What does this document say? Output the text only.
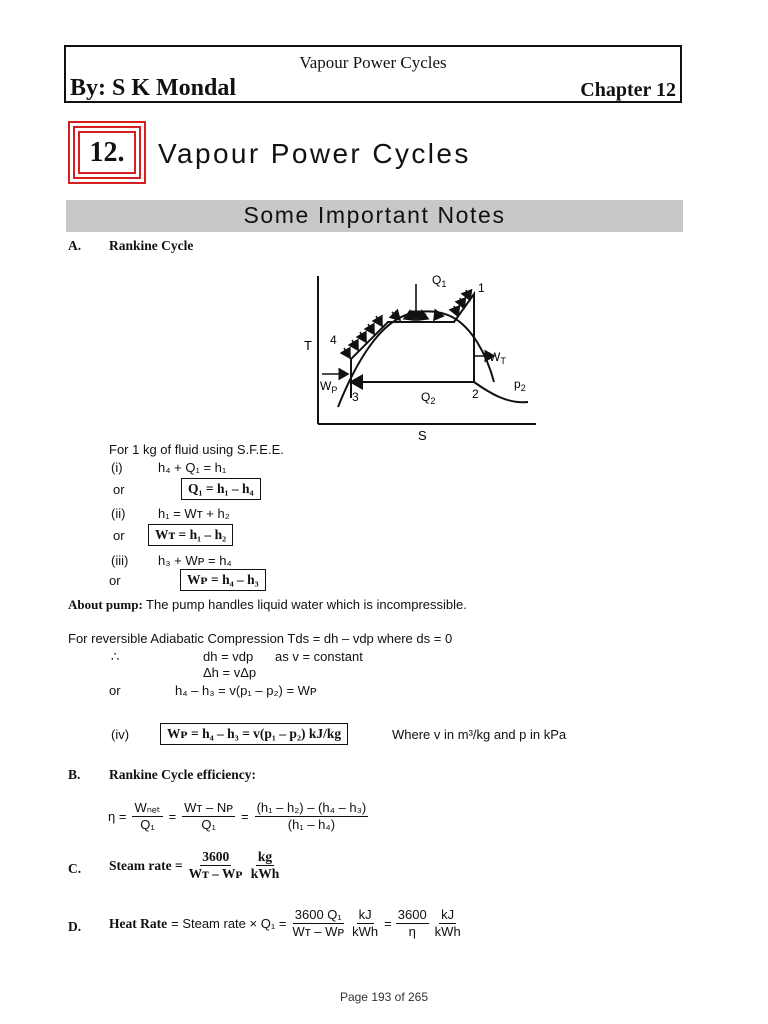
Vapour Power Cycles
By: S K Mondal	Chapter 12
12.	Vapour Power Cycles
Some Important Notes
A. Rankine Cycle
T
$Q_1$	1
4
$W_T$
$p_2$
$W_P$ 3	2
$Q_2$
S
For 1 kg of fluid using S.F.E.E.
(i)	h₄ + Q₁ = h₁
or	Q₁ = h₁ – h₄
(ii)	h₁ = Wᴛ + h₂
or	Wᴛ = h₁ – h₂
(iii) h₃ + Wᴘ = h₄
or	Wᴘ = h₄ – h₃
About pump: The pump handles liquid water which is incompressible.
For reversible Adiabatic Compression Tds = dh – vdp where ds = 0
∴	dh = vdp as v = constant
Δh = vΔp
or	h₄ – h₃ = v(p₁ – p₂) = Wᴘ
(iv)	Wᴘ = h₄ – h₃ = v(p₁ – p₂) kJ/kg	Where v in m³/kg and p in kPa
B. Rankine Cycle efficiency:
$\eta = \frac{\text{Wₙₑₜ}}{\text{Q₁}} = \frac{\text{Wᴛ – Nᴘ}}{\text{Q₁}} = \frac{\text{(h₁ – h₂) – (h₄ – h₃)}}{\text{(h₁ – h₄)}}$
C. Steam rate = $\frac{3600}{\text{Wᴛ – Wᴘ}} \frac{kg}{\text{kWh}}$
D. Heat Rate = Steam rate × $Q_1 = \frac{\text{3600 Q₁}}{\text{Wᴛ – Wᴘ}} \frac{kJ}{\text{kWh}} = \frac{3600}{\eta} \frac{kJ}{\text{kWh}}$
Page 193 of 265
